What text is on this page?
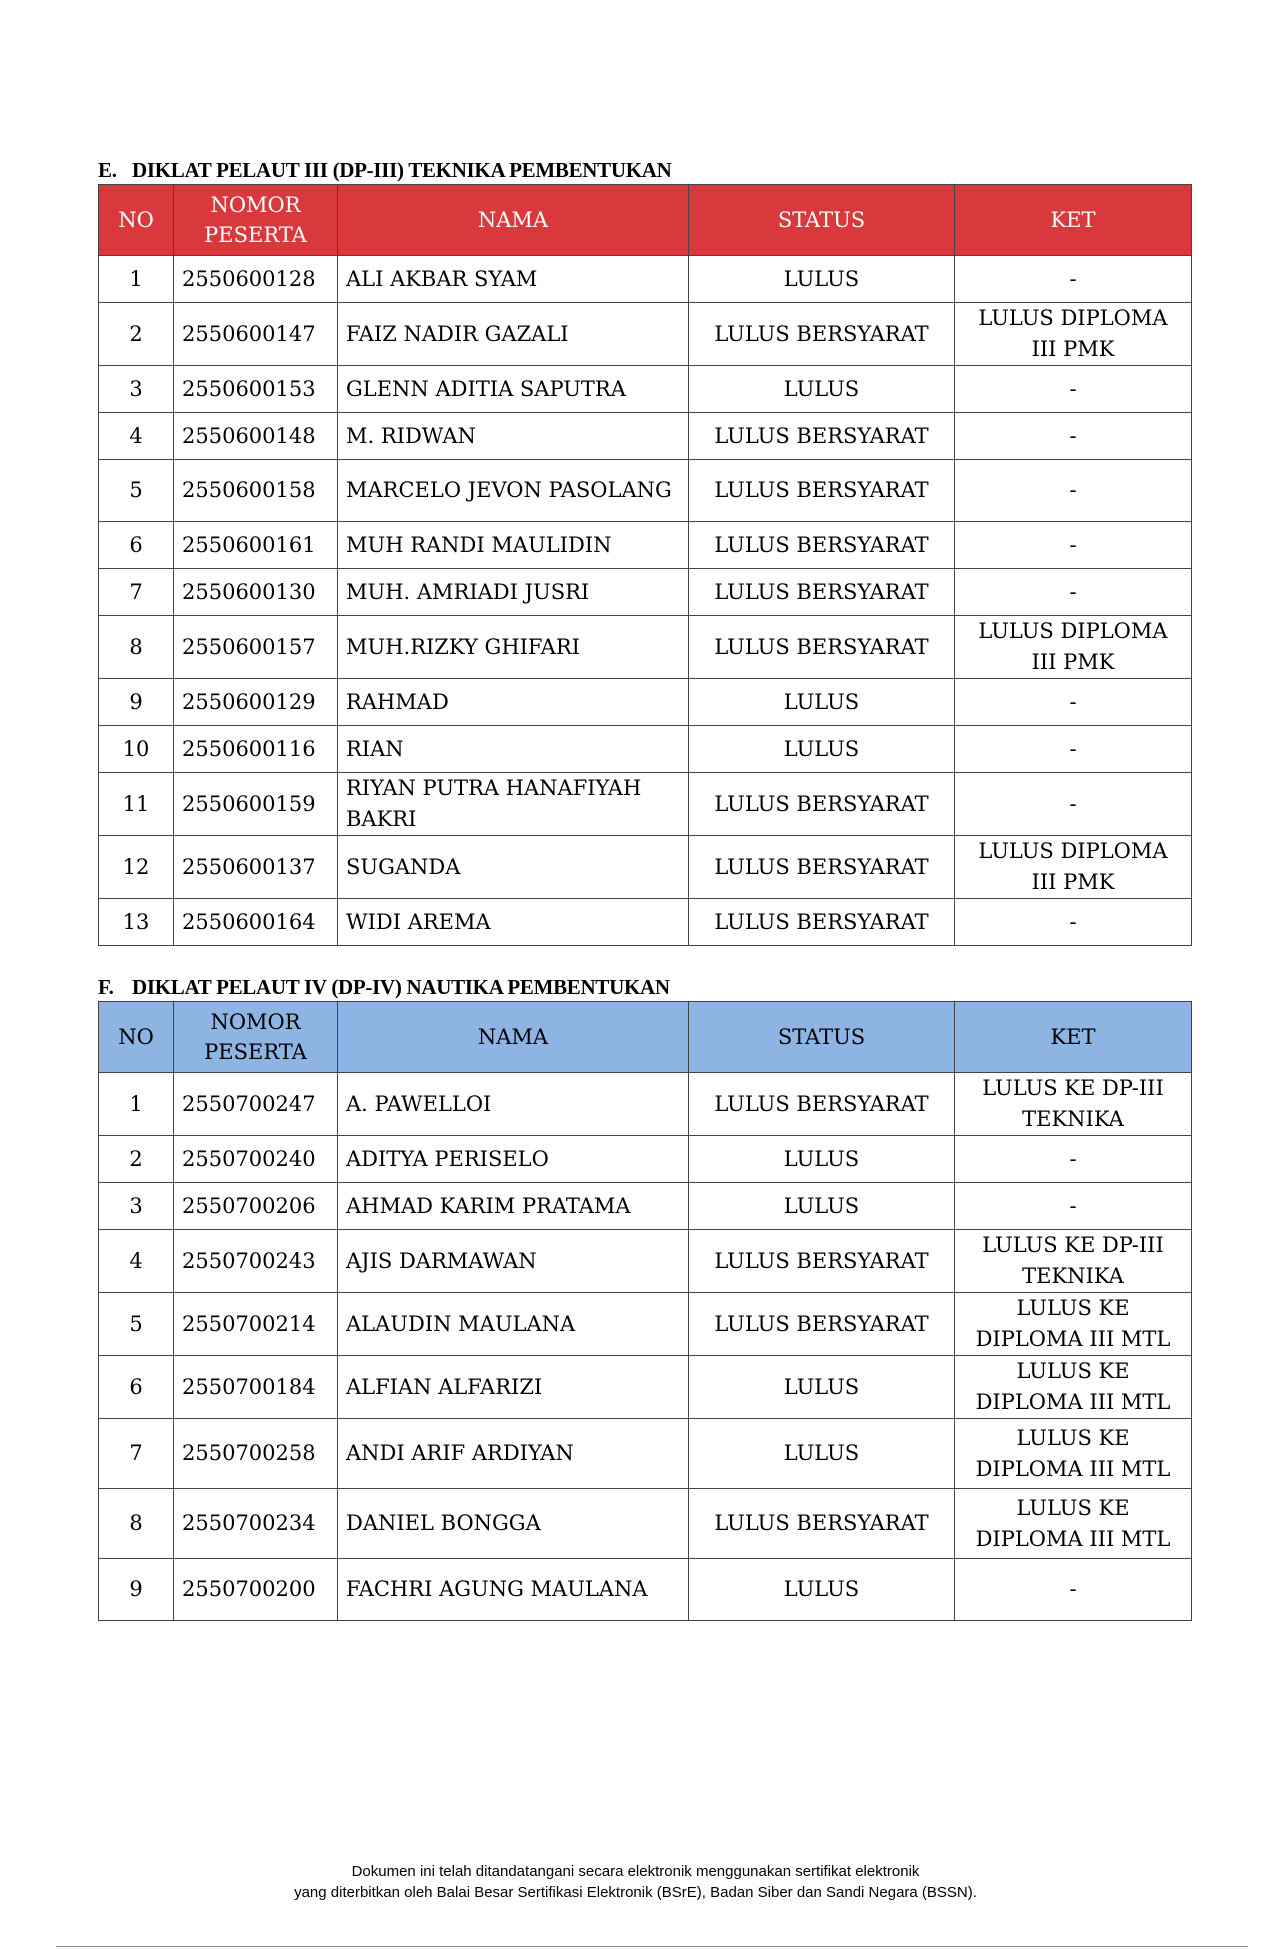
E. DIKLAT PELAUT III (DP-III) TEKNIKA PEMBENTUKAN
NO	NOMOR PESERTA	NAMA	STATUS	KET
1	2550600128	ALI AKBAR SYAM	LULUS	-
2	2550600147	FAIZ NADIR GAZALI	LULUS BERSYARAT	LULUS DIPLOMA III PMK
3	2550600153	GLENN ADITIA SAPUTRA	LULUS	-
4	2550600148	M. RIDWAN	LULUS BERSYARAT	-
5	2550600158	MARCELO JEVON PASOLANG	LULUS BERSYARAT	-
6	2550600161	MUH RANDI MAULIDIN	LULUS BERSYARAT	-
7	2550600130	MUH. AMRIADI JUSRI	LULUS BERSYARAT	-
8	2550600157	MUH.RIZKY GHIFARI	LULUS BERSYARAT	LULUS DIPLOMA III PMK
9	2550600129	RAHMAD	LULUS	-
10	2550600116	RIAN	LULUS	-
11	2550600159	RIYAN PUTRA HANAFIYAH BAKRI	LULUS BERSYARAT	-
12	2550600137	SUGANDA	LULUS BERSYARAT	LULUS DIPLOMA III PMK
13	2550600164	WIDI AREMA	LULUS BERSYARAT	-
F. DIKLAT PELAUT IV (DP-IV) NAUTIKA PEMBENTUKAN
NO	NOMOR PESERTA	NAMA	STATUS	KET
1	2550700247	A. PAWELLOI	LULUS BERSYARAT	LULUS KE DP-III TEKNIKA
2	2550700240	ADITYA PERISELO	LULUS	-
3	2550700206	AHMAD KARIM PRATAMA	LULUS	-
4	2550700243	AJIS DARMAWAN	LULUS BERSYARAT	LULUS KE DP-III TEKNIKA
5	2550700214	ALAUDIN MAULANA	LULUS BERSYARAT	LULUS KE DIPLOMA III MTL
6	2550700184	ALFIAN ALFARIZI	LULUS	LULUS KE DIPLOMA III MTL
7	2550700258	ANDI ARIF ARDIYAN	LULUS	LULUS KE DIPLOMA III MTL
8	2550700234	DANIEL BONGGA	LULUS BERSYARAT	LULUS KE DIPLOMA III MTL
9	2550700200	FACHRI AGUNG MAULANA	LULUS	-
Dokumen ini telah ditandatangani secara elektronik menggunakan sertifikat elektronik
yang diterbitkan oleh Balai Besar Sertifikasi Elektronik (BSrE), Badan Siber dan Sandi Negara (BSSN).
